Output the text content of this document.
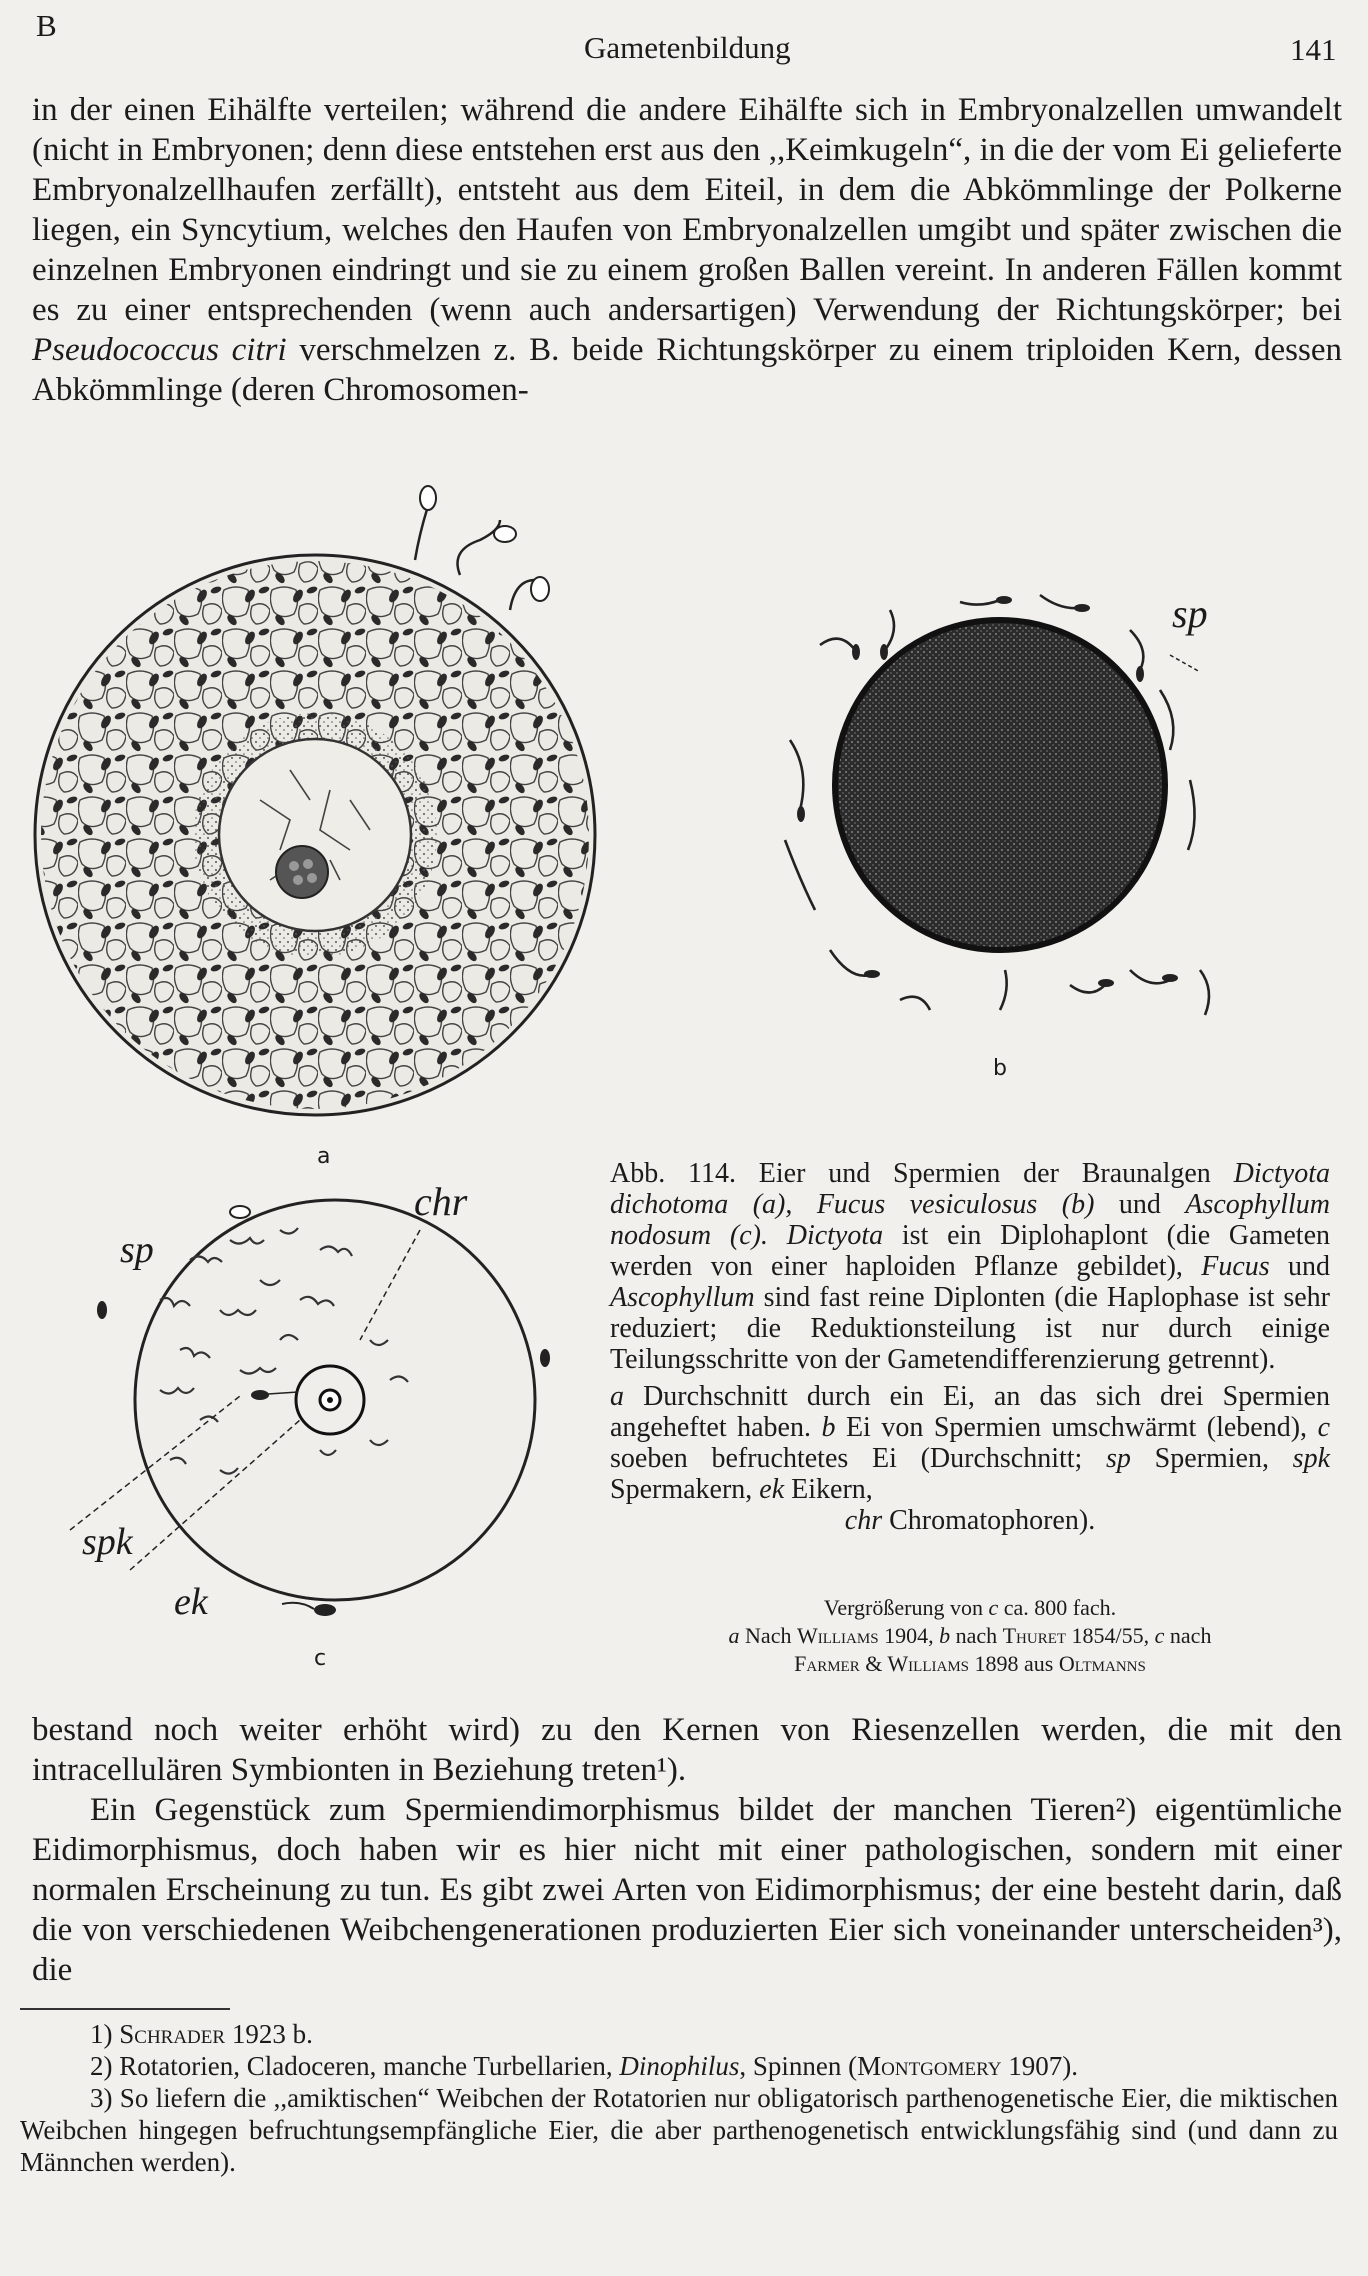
B
Gametenbildung	141

in der einen Eihälfte verteilen; während die andere Eihälfte sich in Embryonalzellen umwandelt (nicht in Embryonen; denn diese entstehen erst aus den ,,Keimkugeln“, in die der vom Ei gelieferte Embryonalzellhaufen zerfällt), entsteht aus dem Eiteil, in dem die Abkömmlinge der Polkerne liegen, ein Syncytium, welches den Haufen von Embryonalzellen umgibt und später zwischen die einzelnen Embryonen eindringt und sie zu einem großen Ballen vereint. In anderen Fällen kommt es zu einer entsprechenden (wenn auch andersartigen) Verwendung der Richtungskörper; bei Pseudococcus citri verschmelzen z. B. beide Richtungskörper zu einem triploiden Kern, dessen Abkömmlinge (deren Chromosomen-

a
sp
b
chr
sp
spk
ek
c

Abb. 114. Eier und Spermien der Braunalgen Dictyota dichotoma (a), Fucus vesiculosus (b) und Ascophyllum nodosum (c). Dictyota ist ein Diplohaplont (die Gameten werden von einer haploiden Pflanze gebildet), Fucus und Ascophyllum sind fast reine Diplonten (die Haplophase ist sehr reduziert; die Reduktionsteilung ist nur durch einige Teilungsschritte von der Gametendifferenzierung getrennt).

a Durchschnitt durch ein Ei, an das sich drei Spermien angeheftet haben. b Ei von Spermien umschwärmt (lebend), c soeben befruchtetes Ei (Durchschnitt; sp Spermien, spk Spermakern, ek Eikern,

chr Chromatophoren).

Vergrößerung von c ca. 800 fach.

a Nach Williams 1904, b nach Thuret 1854/55, c nach

Farmer & Williams 1898 aus Oltmanns

bestand noch weiter erhöht wird) zu den Kernen von Riesenzellen werden, die mit den intracellulären Symbionten in Beziehung treten¹).

Ein Gegenstück zum Spermiendimorphismus bildet der manchen Tieren²) eigentümliche Eidimorphismus, doch haben wir es hier nicht mit einer pathologischen, sondern mit einer normalen Erscheinung zu tun. Es gibt zwei Arten von Eidimorphismus; der eine besteht darin, daß die von verschiedenen Weibchengenerationen produzierten Eier sich voneinander unterscheiden³), die

1) Schrader 1923 b.

2) Rotatorien, Cladoceren, manche Turbellarien, Dinophilus, Spinnen (Montgomery 1907).

3) So liefern die ,,amiktischen“ Weibchen der Rotatorien nur obligatorisch parthenogenetische Eier, die miktischen Weibchen hingegen befruchtungsempfängliche Eier, die aber parthenogenetisch entwicklungsfähig sind (und dann zu Männchen werden).
